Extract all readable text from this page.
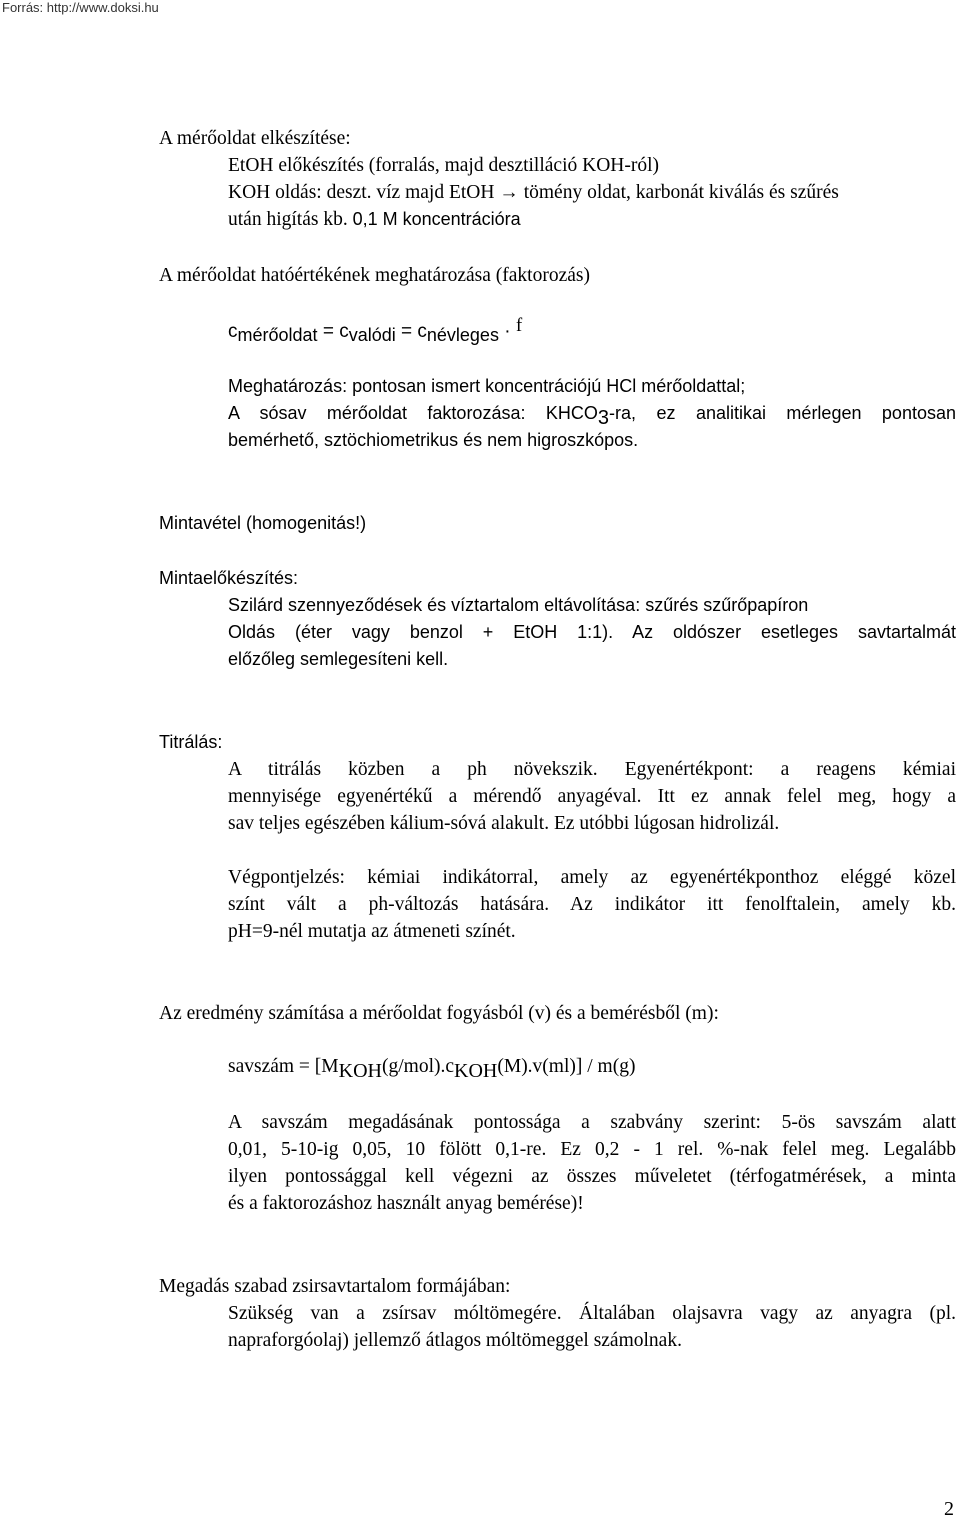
Forrás: http://www.doksi.hu
A mérőoldat elkészítése:
EtOH előkészítés (forralás, majd desztilláció KOH-ról)
KOH oldás: deszt. víz majd EtOH → tömény oldat, karbonát kiválás és szűrés
után higítás kb. 0,1 M koncentrációra
A mérőoldat hatóértékének meghatározása (faktorozás)
cmérőoldat = cvalódi = cnévleges · f
Meghatározás: pontosan ismert koncentrációjú HCl mérőoldattal;
A sósav mérőoldat faktorozása: KHCO3-ra, ez analitikai mérlegen pontosan
bemérhető, sztöchiometrikus és nem higroszkópos.
Mintavétel (homogenitás!)
Mintaelőkészítés:
Szilárd szennyeződések és víztartalom eltávolítása: szűrés szűrőpapíron
Oldás (éter vagy benzol + EtOH 1:1). Az oldószer esetleges savtartalmát
előzőleg semlegesíteni kell.
Titrálás:
A titrálás közben a ph növekszik. Egyenértékpont: a reagens kémiai
mennyisége egyenértékű a mérendő anyagéval. Itt ez annak felel meg, hogy a
sav teljes egészében kálium-sóvá alakult. Ez utóbbi lúgosan hidrolizál.
Végpontjelzés: kémiai indikátorral, amely az egyenértékponthoz eléggé közel
színt vált a ph-változás hatására. Az indikátor itt fenolftalein, amely kb.
pH=9-nél mutatja az átmeneti színét.
Az eredmény számítása a mérőoldat fogyásból (v) és a bemérésből (m):
savszám = [MKOH(g/mol).cKOH(M).v(ml)] / m(g)
A savszám megadásának pontossága a szabvány szerint: 5-ös savszám alatt
0,01, 5-10-ig 0,05, 10 fölött 0,1-re. Ez 0,2 - 1 rel. %-nak felel meg. Legalább
ilyen pontossággal kell végezni az összes műveletet (térfogatmérések, a minta
és a faktorozáshoz használt anyag bemérése)!
Megadás szabad zsirsavtartalom formájában:
Szükség van a zsírsav móltömegére. Általában olajsavra vagy az anyagra (pl.
napraforgóolaj) jellemző átlagos móltömeggel számolnak.
2
